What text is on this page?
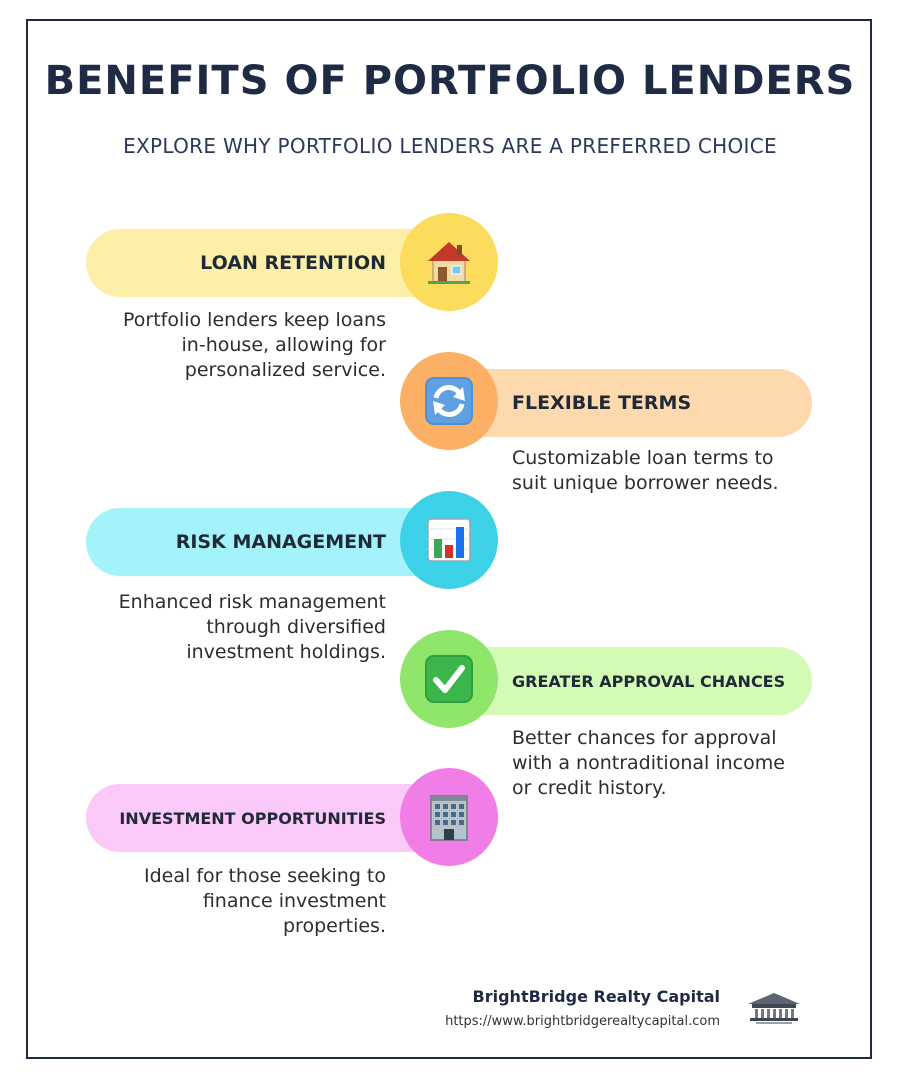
BENEFITS OF PORTFOLIO LENDERS
EXPLORE WHY PORTFOLIO LENDERS ARE A PREFERRED CHOICE
LOAN RETENTION
Portfolio lenders keep loans
in-house, allowing for
personalized service.
FLEXIBLE TERMS
Customizable loan terms to
suit unique borrower needs.
RISK MANAGEMENT
Enhanced risk management
through diversified
investment holdings.
GREATER APPROVAL CHANCES
Better chances for approval
with a nontraditional income
or credit history.
INVESTMENT OPPORTUNITIES
Ideal for those seeking to
finance investment
properties.
BrightBridge Realty Capital
https://www.brightbridgerealtycapital.com
